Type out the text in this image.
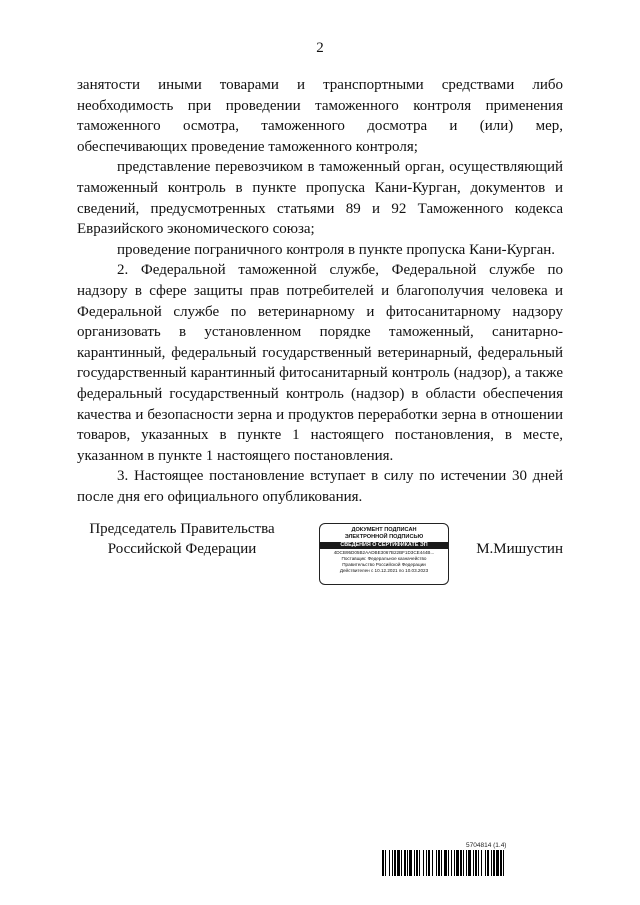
2

занятости иными товарами и транспортными средствами либо необходимость при проведении таможенного контроля применения таможенного осмотра, таможенного досмотра и (или) мер, обеспечивающих проведение таможенного контроля;

представление перевозчиком в таможенный орган, осуществляющий таможенный контроль в пункте пропуска Кани-Курган, документов и сведений, предусмотренных статьями 89 и 92 Таможенного кодекса Евразийского экономического союза;

проведение пограничного контроля в пункте пропуска Кани-Курган.

2. Федеральной таможенной службе, Федеральной службе по надзору в сфере защиты прав потребителей и благополучия человека и Федеральной службе по ветеринарному и фитосанитарному надзору организовать в установленном порядке таможенный, санитарно-карантинный, федеральный государственный ветеринарный, федеральный государственный карантинный фитосанитарный контроль (надзор), а также федеральный государственный контроль (надзор) в области обеспечения качества и безопасности зерна и продуктов переработки зерна в отношении товаров, указанных в пункте 1 настоящего постановления, в месте, указанном в пункте 1 настоящего постановления.

3. Настоящее постановление вступает в силу по истечении 30 дней после дня его официального опубликования.

Председатель Правительства
Российской Федерации
ДОКУМЕНТ ПОДПИСАН
ЭЛЕКТРОННОЙ ПОДПИСЬЮ
СВЕДЕНИЯ О СЕРТИФИКАТЕ ЭП
4DCB95D05B2AADBE3067B22BF1D3CE444B...
Поставщик: Федеральное казначейство
Правительство Российской Федерации
Действителен с 10.12.2021 по 10.03.2023
М.Мишустин
5704814 (1.4)
